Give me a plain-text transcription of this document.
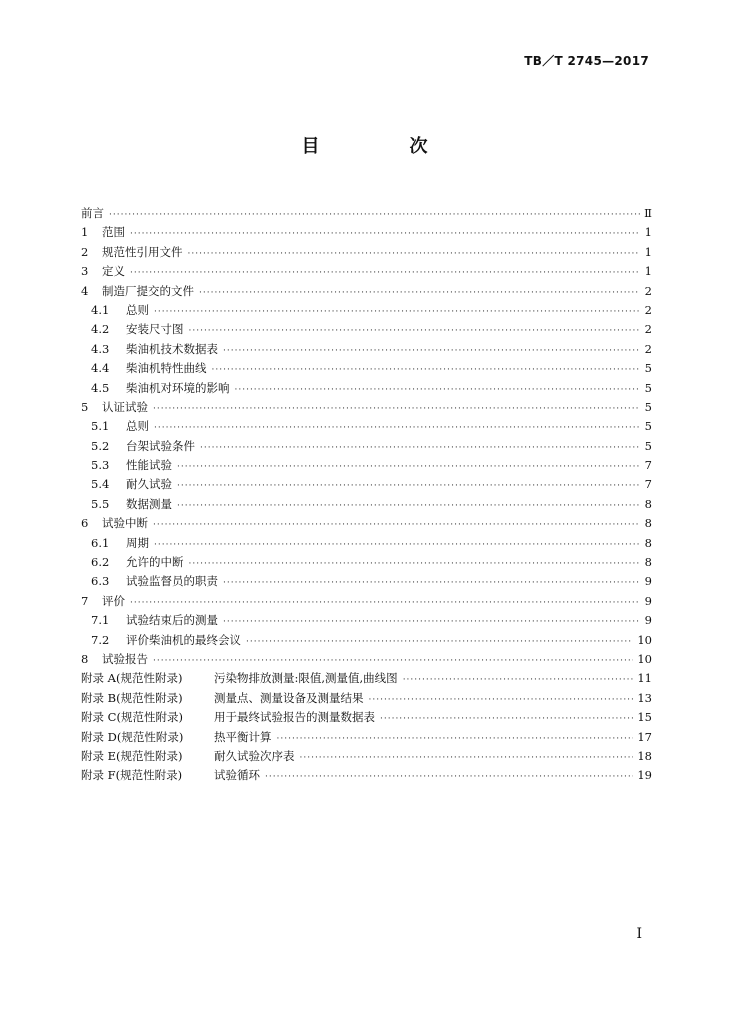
TB／T 2745—2017
目　次
前言 ·····	Ⅱ
1	范围 ·····	1
2	规范性引用文件 ·····	1
3	定义 ·····	1
4	制造厂提交的文件 ·····	2
4.1	总则 ·····	2
4.2	安装尺寸图 ·····	2
4.3	柴油机技术数据表 ·····	2
4.4	柴油机特性曲线 ·····	5
4.5	柴油机对环境的影响 ·····	5
5	认证试验 ·····	5
5.1	总则 ·····	5
5.2	台架试验条件 ·····	5
5.3	性能试验 ·····	7
5.4	耐久试验 ·····	7
5.5	数据测量 ·····	8
6	试验中断 ·····	8
6.1	周期 ·····	8
6.2	允许的中断 ·····	8
6.3	试验监督员的职责 ·····	9
7	评价 ·····	9
7.1	试验结束后的测量 ·····	9
7.2	评价柴油机的最终会议 ·····	10
8	试验报告 ·····	10
附录 A(规范性附录)	污染物排放测量:限值,测量值,曲线图 ·····	11
附录 B(规范性附录)	测量点、测量设备及测量结果 ·····	13
附录 C(规范性附录)	用于最终试验报告的测量数据表 ·····	15
附录 D(规范性附录)	热平衡计算 ·····	17
附录 E(规范性附录)	耐久试验次序表 ·····	18
附录 F(规范性附录)	试验循环 ·····	19
Ⅰ
